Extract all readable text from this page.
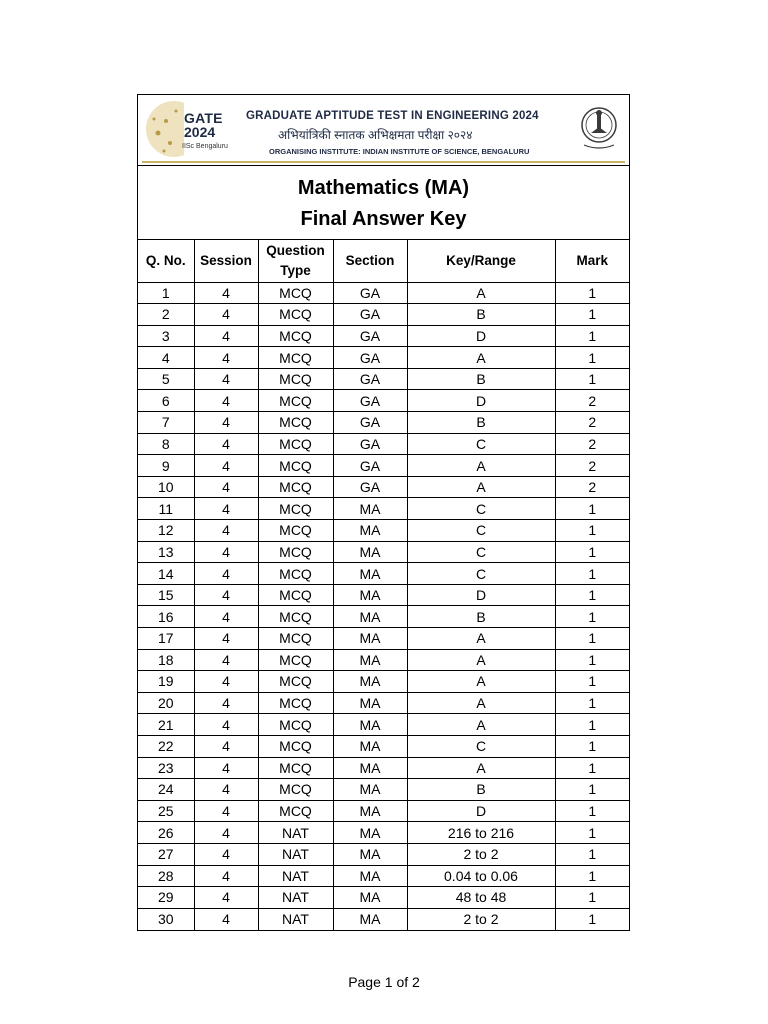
GATE
2024
IISc Bengaluru
GRADUATE APTITUDE TEST IN ENGINEERING 2024
अभियांत्रिकी स्नातक अभिक्षमता परीक्षा २०२४
ORGANISING INSTITUTE: INDIAN INSTITUTE OF SCIENCE, BENGALURU
Mathematics (MA)
Final Answer Key
Q. No.	Session	Question Type	Section	Key/Range	Mark
1	4	MCQ	GA	A	1
2	4	MCQ	GA	B	1
3	4	MCQ	GA	D	1
4	4	MCQ	GA	A	1
5	4	MCQ	GA	B	1
6	4	MCQ	GA	D	2
7	4	MCQ	GA	B	2
8	4	MCQ	GA	C	2
9	4	MCQ	GA	A	2
10	4	MCQ	GA	A	2
11	4	MCQ	MA	C	1
12	4	MCQ	MA	C	1
13	4	MCQ	MA	C	1
14	4	MCQ	MA	C	1
15	4	MCQ	MA	D	1
16	4	MCQ	MA	B	1
17	4	MCQ	MA	A	1
18	4	MCQ	MA	A	1
19	4	MCQ	MA	A	1
20	4	MCQ	MA	A	1
21	4	MCQ	MA	A	1
22	4	MCQ	MA	C	1
23	4	MCQ	MA	A	1
24	4	MCQ	MA	B	1
25	4	MCQ	MA	D	1
26	4	NAT	MA	216 to 216	1
27	4	NAT	MA	2 to 2	1
28	4	NAT	MA	0.04 to 0.06	1
29	4	NAT	MA	48 to 48	1
30	4	NAT	MA	2 to 2	1
Page 1 of 2
